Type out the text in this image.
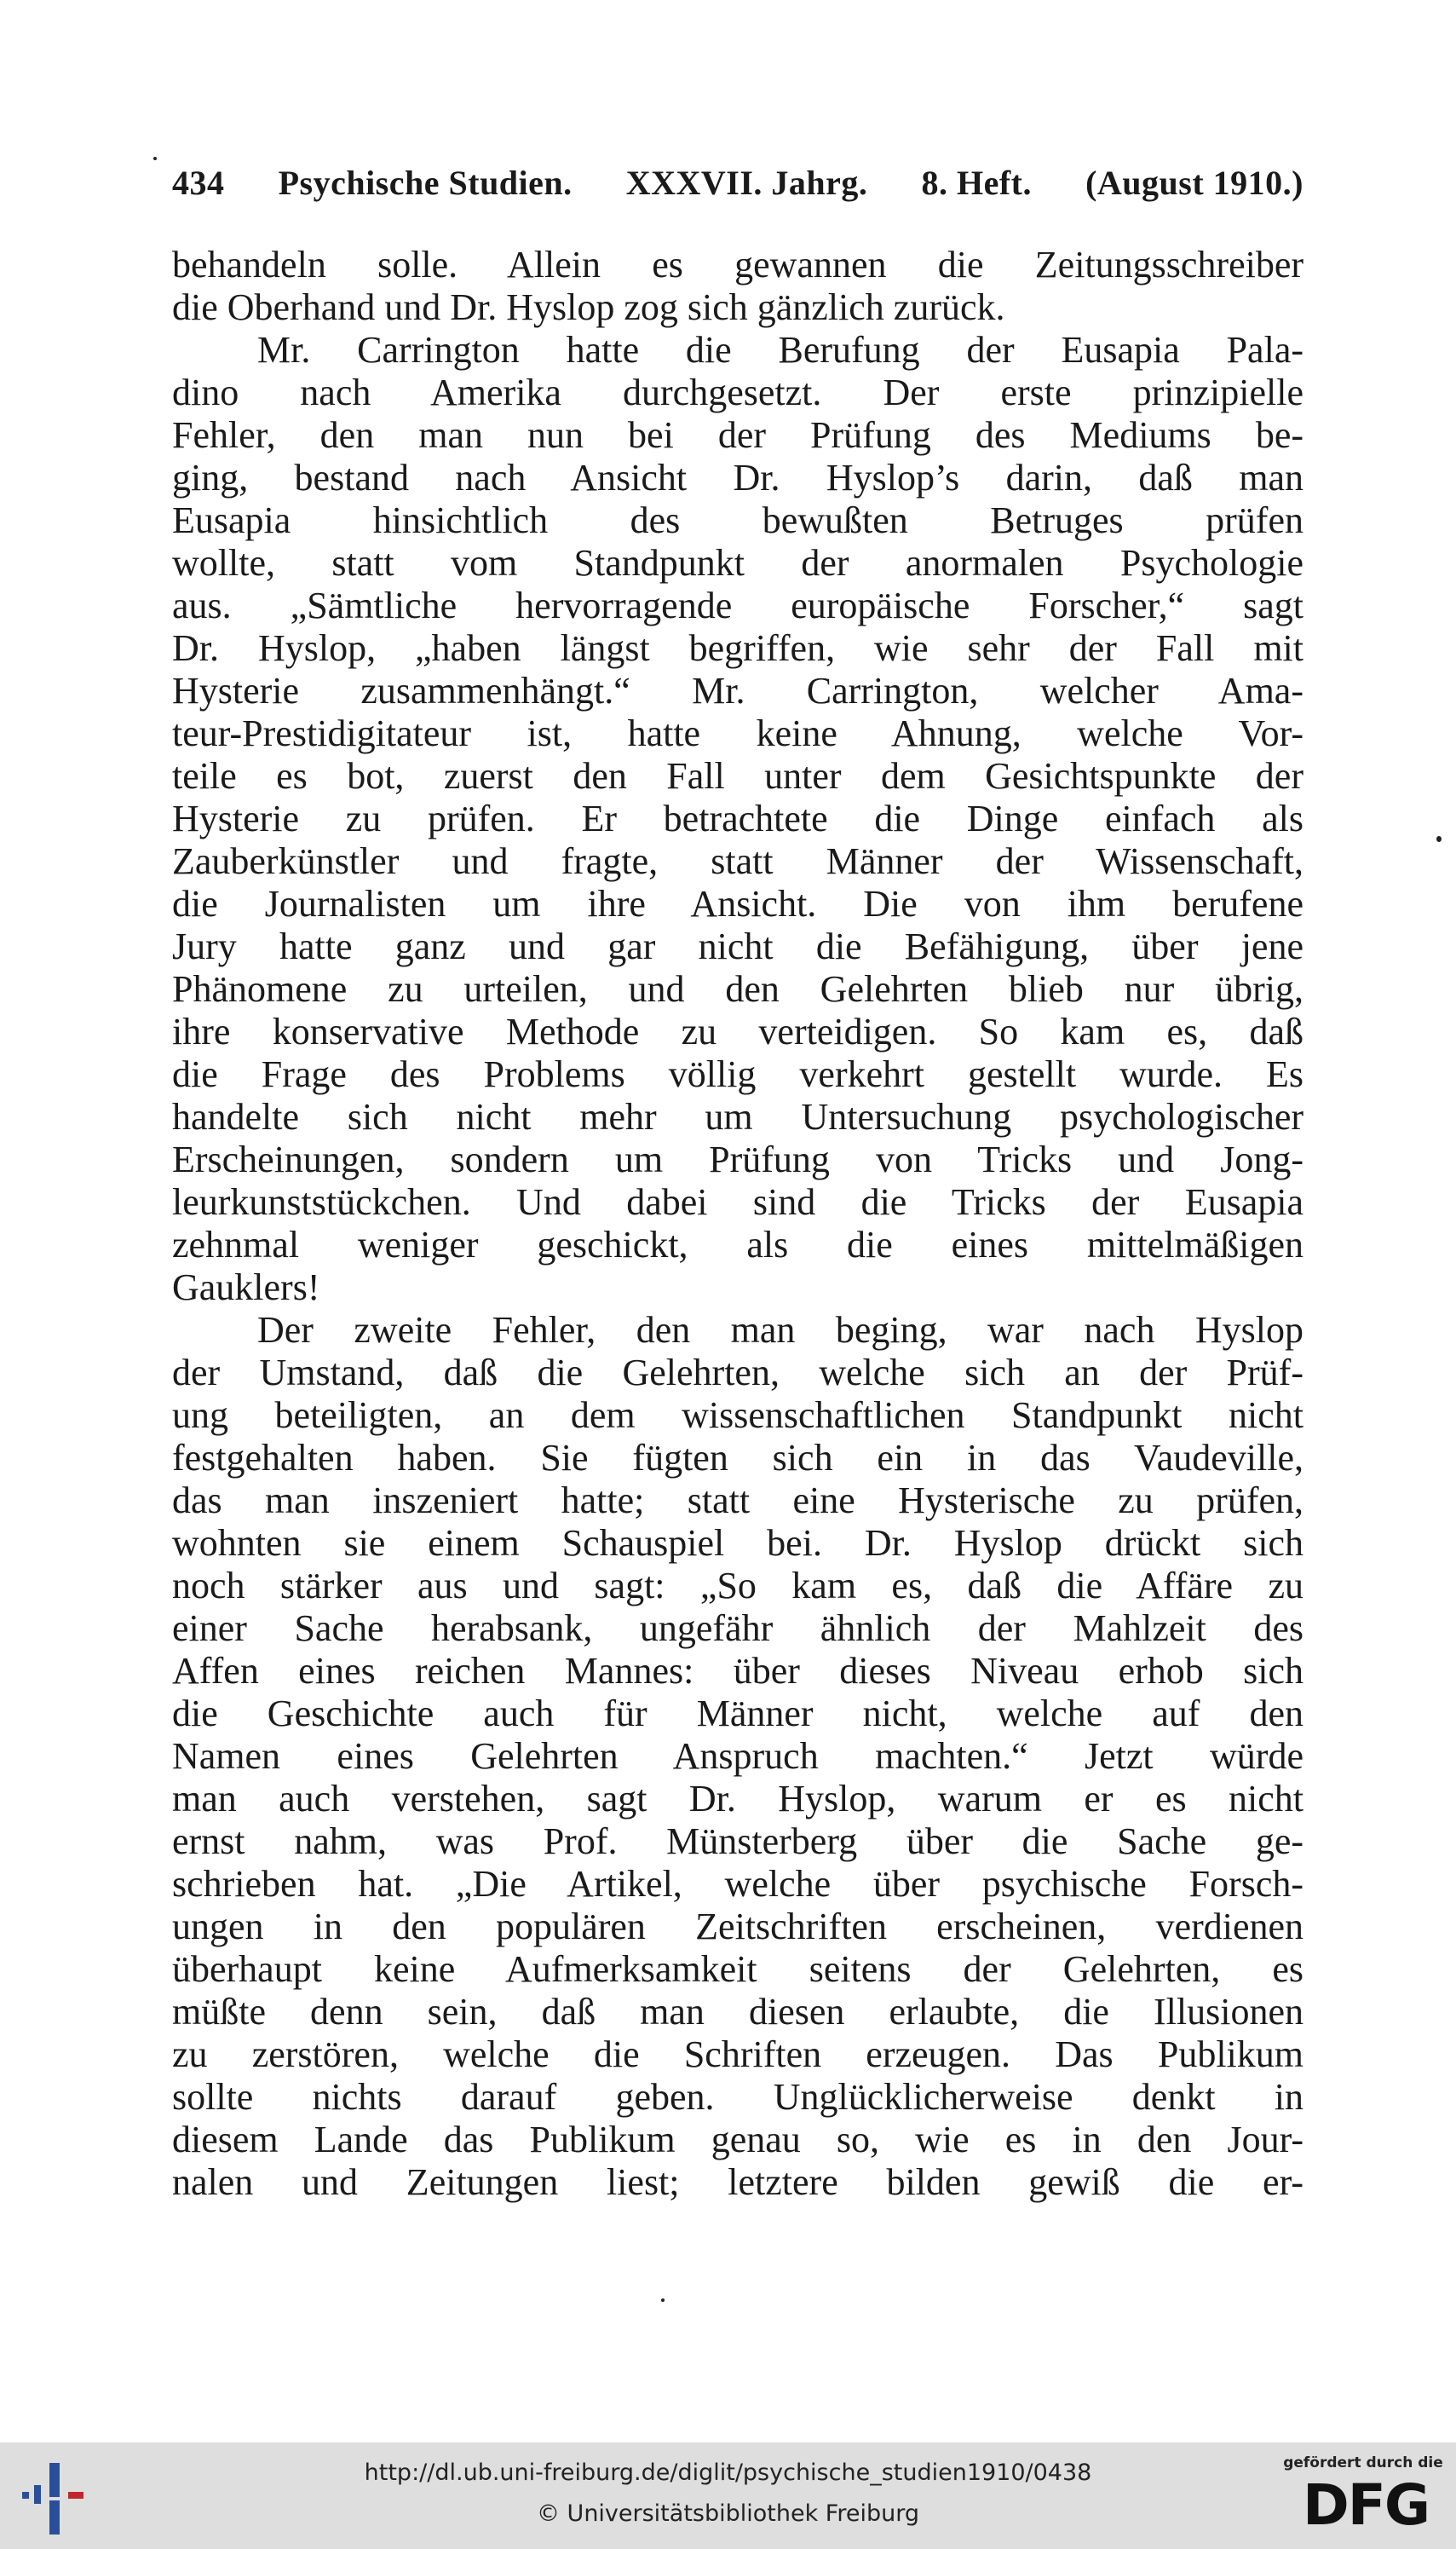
434 Psychische Studien. XXXVII. Jahrg. 8. Heft. (August 1910.)
behandeln solle. Allein es gewannen die Zeitungsschreiber
die Oberhand und Dr. Hyslop zog sich gänzlich zurück.
Mr. Carrington hatte die Berufung der Eusapia Pala-
dino nach Amerika durchgesetzt. Der erste prinzipielle
Fehler, den man nun bei der Prüfung des Mediums be-
ging, bestand nach Ansicht Dr. Hyslop’s darin, daß man
Eusapia hinsichtlich des bewußten Betruges prüfen
wollte, statt vom Standpunkt der anormalen Psychologie
aus. „Sämtliche hervorragende europäische Forscher,“ sagt
Dr. Hyslop, „haben längst begriffen, wie sehr der Fall mit
Hysterie zusammenhängt.“ Mr. Carrington, welcher Ama-
teur-Prestidigitateur ist, hatte keine Ahnung, welche Vor-
teile es bot, zuerst den Fall unter dem Gesichtspunkte der
Hysterie zu prüfen. Er betrachtete die Dinge einfach als
Zauberkünstler und fragte, statt Männer der Wissenschaft,
die Journalisten um ihre Ansicht. Die von ihm berufene
Jury hatte ganz und gar nicht die Befähigung, über jene
Phänomene zu urteilen, und den Gelehrten blieb nur übrig,
ihre konservative Methode zu verteidigen. So kam es, daß
die Frage des Problems völlig verkehrt gestellt wurde. Es
handelte sich nicht mehr um Untersuchung psychologischer
Erscheinungen, sondern um Prüfung von Tricks und Jong-
leurkunststückchen. Und dabei sind die Tricks der Eusapia
zehnmal weniger geschickt, als die eines mittelmäßigen
Gauklers!
Der zweite Fehler, den man beging, war nach Hyslop
der Umstand, daß die Gelehrten, welche sich an der Prüf-
ung beteiligten, an dem wissenschaftlichen Standpunkt nicht
festgehalten haben. Sie fügten sich ein in das Vaudeville,
das man inszeniert hatte; statt eine Hysterische zu prüfen,
wohnten sie einem Schauspiel bei. Dr. Hyslop drückt sich
noch stärker aus und sagt: „So kam es, daß die Affäre zu
einer Sache herabsank, ungefähr ähnlich der Mahlzeit des
Affen eines reichen Mannes: über dieses Niveau erhob sich
die Geschichte auch für Männer nicht, welche auf den
Namen eines Gelehrten Anspruch machten.“ Jetzt würde
man auch verstehen, sagt Dr. Hyslop, warum er es nicht
ernst nahm, was Prof. Münsterberg über die Sache ge-
schrieben hat. „Die Artikel, welche über psychische Forsch-
ungen in den populären Zeitschriften erscheinen, verdienen
überhaupt keine Aufmerksamkeit seitens der Gelehrten, es
müßte denn sein, daß man diesen erlaubte, die Illusionen
zu zerstören, welche die Schriften erzeugen. Das Publikum
sollte nichts darauf geben. Unglücklicherweise denkt in
diesem Lande das Publikum genau so, wie es in den Jour-
nalen und Zeitungen liest; letztere bilden gewiß die er-
http://dl.ub.uni-freiburg.de/diglit/psychische_studien1910/0438
© Universitätsbibliothek Freiburg
gefördert durch die
DFG
